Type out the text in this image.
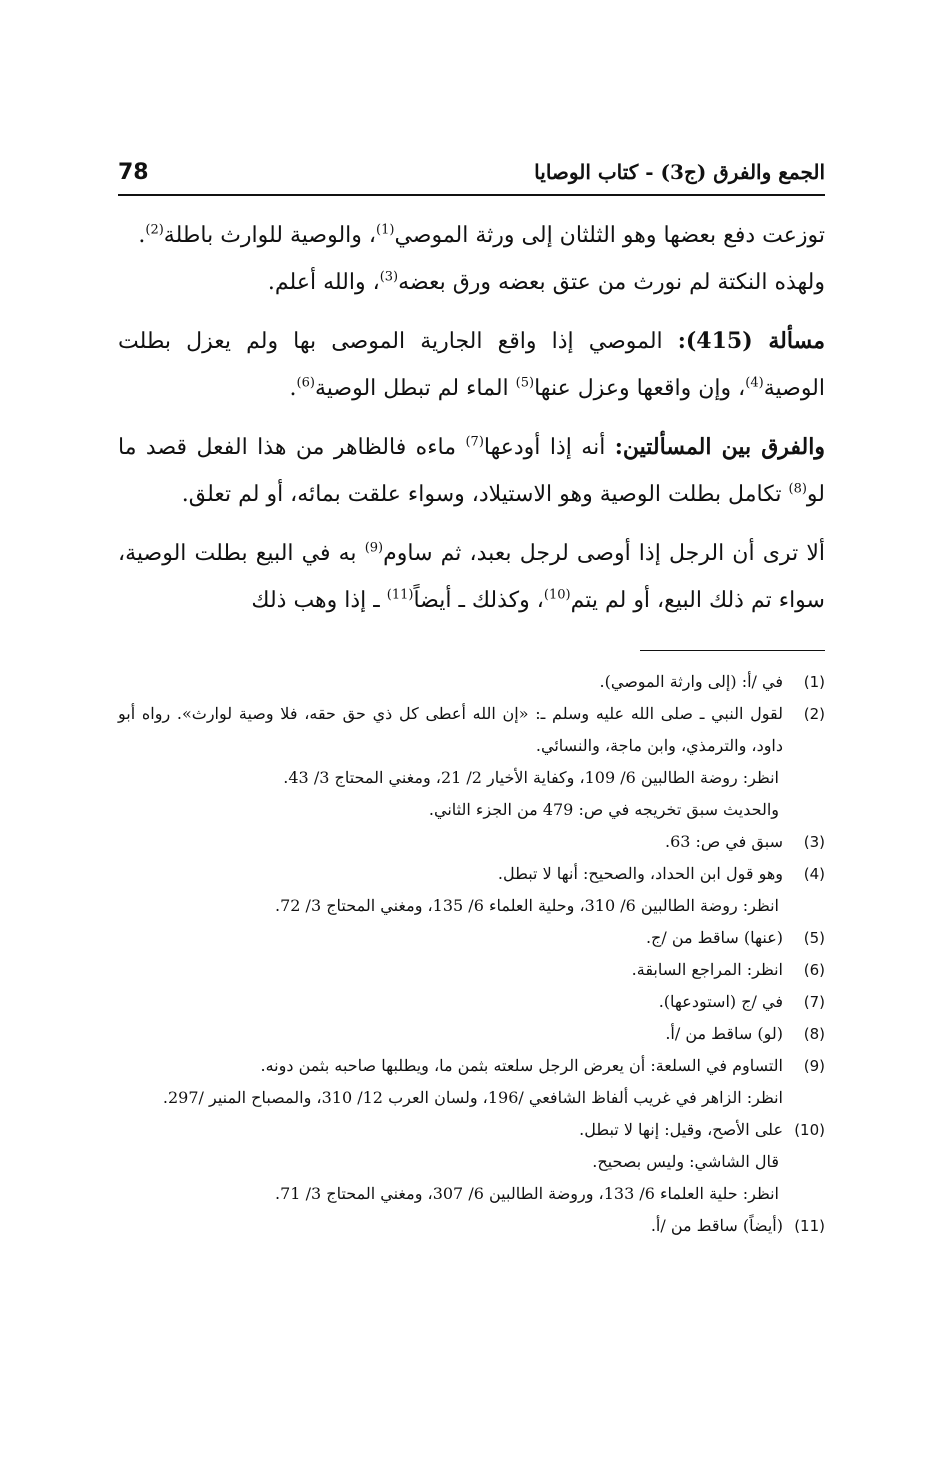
الجمع والفرق (ج3) - كتاب الوصايا
78

توزعت دفع بعضها وهو الثلثان إلى ورثة الموصي$^{(1)}$، والوصية للوارث باطلة$^{(2)}$.
ولهذه النكتة لم نورث من عتق بعضه ورق بعضه$^{(3)}$، والله أعلم.

مسألة (415): الموصي إذا واقع الجارية الموصى بها ولم يعزل بطلت الوصية$^{(4)}$، وإن واقعها وعزل عنها$^{(5)}$ الماء لم تبطل الوصية$^{(6)}$.

والفرق بين المسألتين: أنه إذا أودعها$^{(7)}$ ماءه فالظاهر من هذا الفعل قصد ما لو$^{(8)}$ تكامل بطلت الوصية وهو الاستيلاد، وسواء علقت بمائه، أو لم تعلق.

ألا ترى أن الرجل إذا أوصى لرجل بعبد، ثم ساوم$^{(9)}$ به في البيع بطلت الوصية، سواء تم ذلك البيع، أو لم يتم$^{(10)}$، وكذلك ـ أيضاً$^{(11)}$ ـ إذا وهب ذلك

(1)
في /أ: (إلى وارثة الموصي).
(2)
لقول النبي ـ صلى الله عليه وسلم ـ: «إن الله أعطى كل ذي حق حقه، فلا وصية لوارث». رواه أبو داود، والترمذي، وابن ماجة، والنسائي.
انظر: روضة الطالبين 6/ 109، وكفاية الأخيار 2/ 21، ومغني المحتاج 3/ 43.
والحديث سبق تخريجه في ص: 479 من الجزء الثاني.
(3)
سبق في ص: 63.
(4)
وهو قول ابن الحداد، والصحيح: أنها لا تبطل.
انظر: روضة الطالبين 6/ 310، وحلية العلماء 6/ 135، ومغني المحتاج 3/ 72.
(5)
(عنها) ساقط من /ج.
(6)
انظر: المراجع السابقة.
(7)
في /ج (استودعها).
(8)
(لو) ساقط من /أ.
(9)
التساوم في السلعة: أن يعرض الرجل سلعته بثمن ما، ويطلبها صاحبه بثمن دونه.
انظر: الزاهر في غريب ألفاظ الشافعي /196، ولسان العرب 12/ 310، والمصباح المنير /297.
(10)
على الأصح، وقيل: إنها لا تبطل.
قال الشاشي: وليس بصحيح.
انظر: حلية العلماء 6/ 133، وروضة الطالبين 6/ 307، ومغني المحتاج 3/ 71.
(11)
(أيضاً) ساقط من /أ.
